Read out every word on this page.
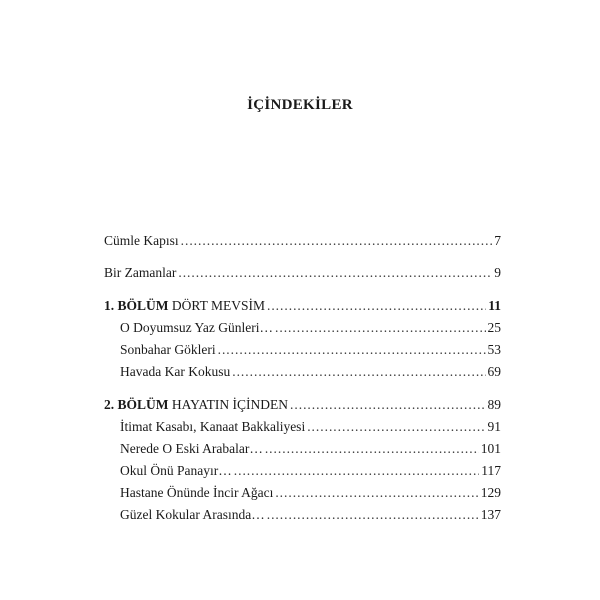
İÇİNDEKİLER
Cümle Kapısı . . .	7
Bir Zamanlar . . .	9
1. BÖLÜM DÖRT MEVSİM . . .	11
O Doyumsuz Yaz Günleri… . . .	25
Sonbahar Gökleri . . .	53
Havada Kar Kokusu . . .	69
2. BÖLÜM HAYATIN İÇİNDEN . . .	89
İtimat Kasabı, Kanaat Bakkaliyesi . . .	91
Nerede O Eski Arabalar… . . .	101
Okul Önü Panayır… . . .	117
Hastane Önünde İncir Ağacı . . .	129
Güzel Kokular Arasında… . . .	137
